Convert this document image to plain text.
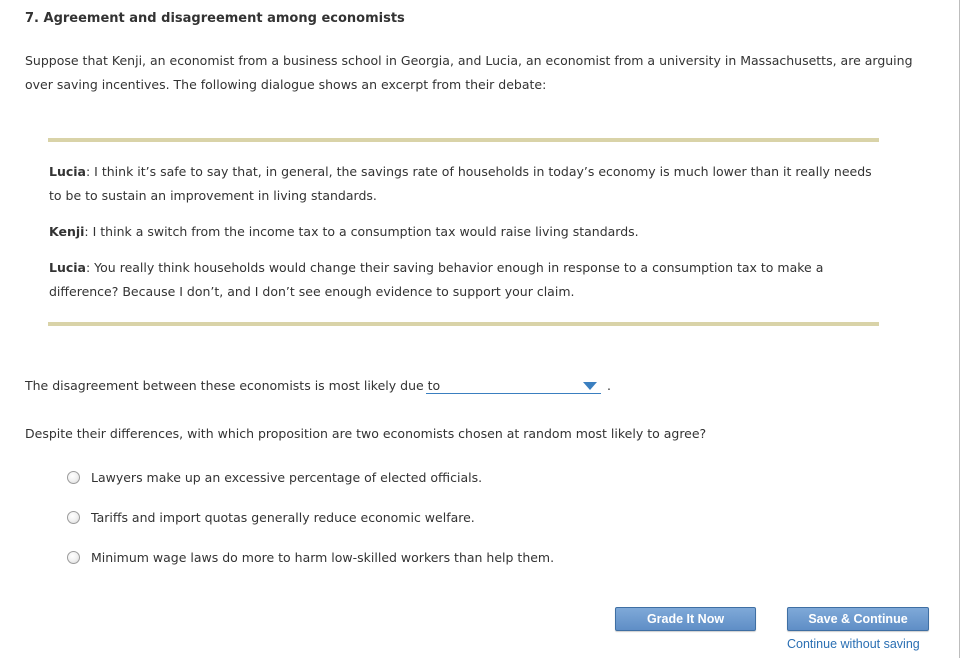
7. Agreement and disagreement among economists
Suppose that Kenji, an economist from a business school in Georgia, and Lucia, an economist from a university in Massachusetts, are arguing over saving incentives. The following dialogue shows an excerpt from their debate:
Lucia: I think it’s safe to say that, in general, the savings rate of households in today’s economy is much lower than it really needs to be to sustain an improvement in living standards.
Kenji: I think a switch from the income tax to a consumption tax would raise living standards.
Lucia: You really think households would change their saving behavior enough in response to a consumption tax to make a difference? Because I don’t, and I don’t see enough evidence to support your claim.
The disagreement between these economists is most likely due to	.
Despite their differences, with which proposition are two economists chosen at random most likely to agree?
Lawyers make up an excessive percentage of elected officials.
Tariffs and import quotas generally reduce economic welfare.
Minimum wage laws do more to harm low-skilled workers than help them.
Grade It Now	Save & Continue
Continue without saving
